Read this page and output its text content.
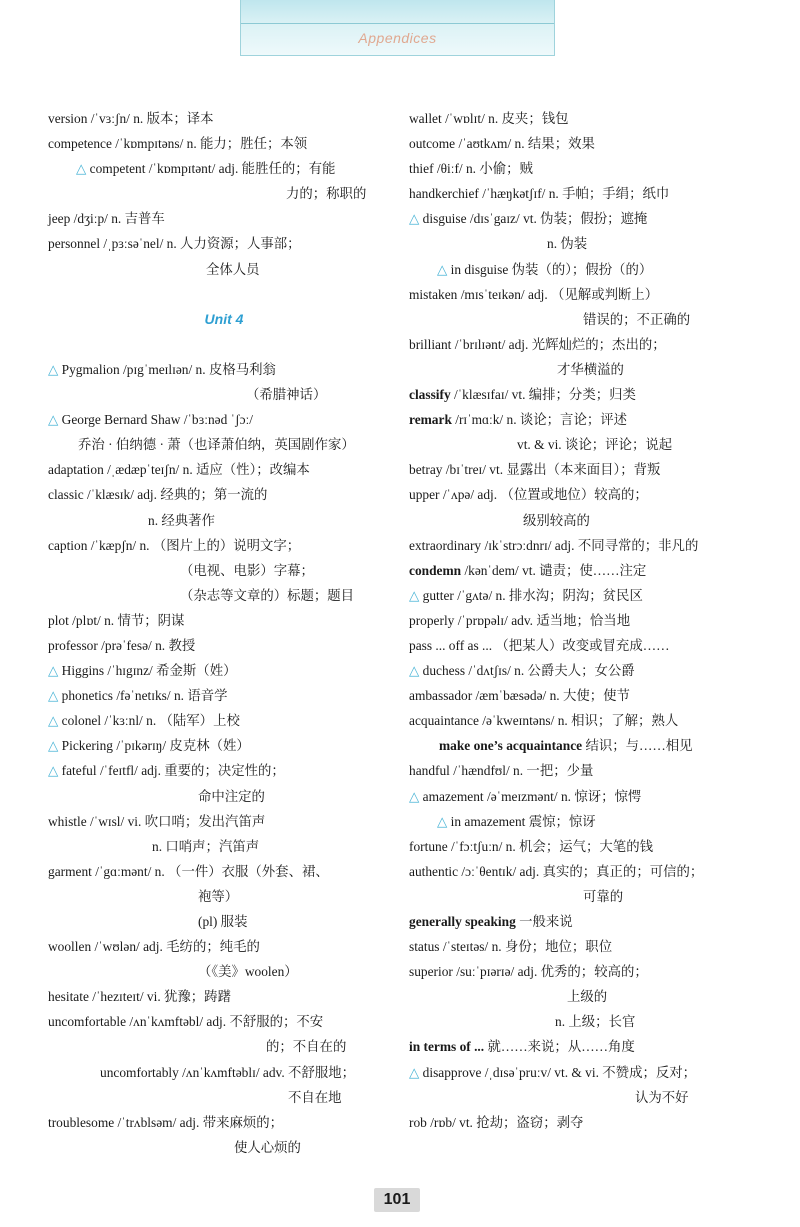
Appendices
version /ˈvɜːʃn/ n. 版本；译本
competence /ˈkɒmpɪtəns/ n. 能力；胜任；本领
△ competent /ˈkɒmpɪtənt/ adj. 能胜任的；有能
力的；称职的
jeep /dʒiːp/ n. 吉普车
personnel /ˌpɜːsəˈnel/ n. 人力资源；人事部；
全体人员
Unit 4
△ Pygmalion /pɪgˈmeɪlɪən/ n. 皮格马利翁
（希腊神话）
△ George Bernard Shaw /ˈbɜːnəd ˈʃɔː/
乔治 · 伯纳德 · 萧（也译萧伯纳，英国剧作家）
adaptation /ˌædæpˈteɪʃn/ n. 适应（性）；改编本
classic /ˈklæsɪk/ adj. 经典的；第一流的
n. 经典著作
caption /ˈkæpʃn/ n. （图片上的）说明文字；
（电视、电影）字幕；
（杂志等文章的）标题；题目
plot /plɒt/ n. 情节；阴谋
professor /prəˈfesə/ n. 教授
△ Higgins /ˈhɪgɪnz/ 希金斯（姓）
△ phonetics /fəˈnetɪks/ n. 语音学
△ colonel /ˈkɜːnl/ n. （陆军）上校
△ Pickering /ˈpɪkərɪŋ/ 皮克林（姓）
△ fateful /ˈfeɪtfl/ adj. 重要的；决定性的；
命中注定的
whistle /ˈwɪsl/ vi. 吹口哨；发出汽笛声
n. 口哨声；汽笛声
garment /ˈgɑːmənt/ n. （一件）衣服（外套、裙、
袍等）
(pl) 服装
woollen /ˈwʊlən/ adj. 毛纺的；纯毛的
（《美》woolen）
hesitate /ˈhezɪteɪt/ vi. 犹豫；踌躇
uncomfortable /ʌnˈkʌmftəbl/ adj. 不舒服的；不安
的；不自在的
uncomfortably /ʌnˈkʌmftəblɪ/ adv. 不舒服地；
不自在地
troublesome /ˈtrʌblsəm/ adj. 带来麻烦的；
使人心烦的
wallet /ˈwɒlɪt/ n. 皮夹；钱包
outcome /ˈaʊtkʌm/ n. 结果；效果
thief /θiːf/ n. 小偷；贼
handkerchief /ˈhæŋkətʃɪf/ n. 手帕；手绢；纸巾
△ disguise /dɪsˈgaɪz/ vt. 伪装；假扮；遮掩
n. 伪装
△ in disguise 伪装（的）；假扮（的）
mistaken /mɪsˈteɪkən/ adj. （见解或判断上）
错误的；不正确的
brilliant /ˈbrɪlɪənt/ adj. 光辉灿烂的；杰出的；
才华横溢的
classify /ˈklæsɪfaɪ/ vt. 编排；分类；归类
remark /rɪˈmɑːk/ n. 谈论；言论；评述
vt. & vi. 谈论；评论；说起
betray /bɪˈtreɪ/ vt. 显露出（本来面目）；背叛
upper /ˈʌpə/ adj. （位置或地位）较高的；
级别较高的
extraordinary /ɪkˈstrɔːdnrɪ/ adj. 不同寻常的；非凡的
condemn /kənˈdem/ vt. 谴责；使……注定
△ gutter /ˈgʌtə/ n. 排水沟；阴沟；贫民区
properly /ˈprɒpəlɪ/ adv. 适当地；恰当地
pass ... off as ... （把某人）改变或冒充成……
△ duchess /ˈdʌtʃɪs/ n. 公爵夫人；女公爵
ambassador /æmˈbæsədə/ n. 大使；使节
acquaintance /əˈkweɪntəns/ n. 相识；了解；熟人
make one’s acquaintance 结识；与……相见
handful /ˈhændfʊl/ n. 一把；少量
△ amazement /əˈmeɪzmənt/ n. 惊讶；惊愕
△ in amazement 震惊；惊讶
fortune /ˈfɔːtʃuːn/ n. 机会；运气；大笔的钱
authentic /ɔːˈθentɪk/ adj. 真实的；真正的；可信的；
可靠的
generally speaking 一般来说
status /ˈsteɪtəs/ n. 身份；地位；职位
superior /suːˈpɪərɪə/ adj. 优秀的；较高的；
上级的
n. 上级；长官
in terms of ... 就……来说；从……角度
△ disapprove /ˌdɪsəˈpruːv/ vt. & vi. 不赞成；反对；
认为不好
rob /rɒb/ vt. 抢劫；盗窃；剥夺
101
